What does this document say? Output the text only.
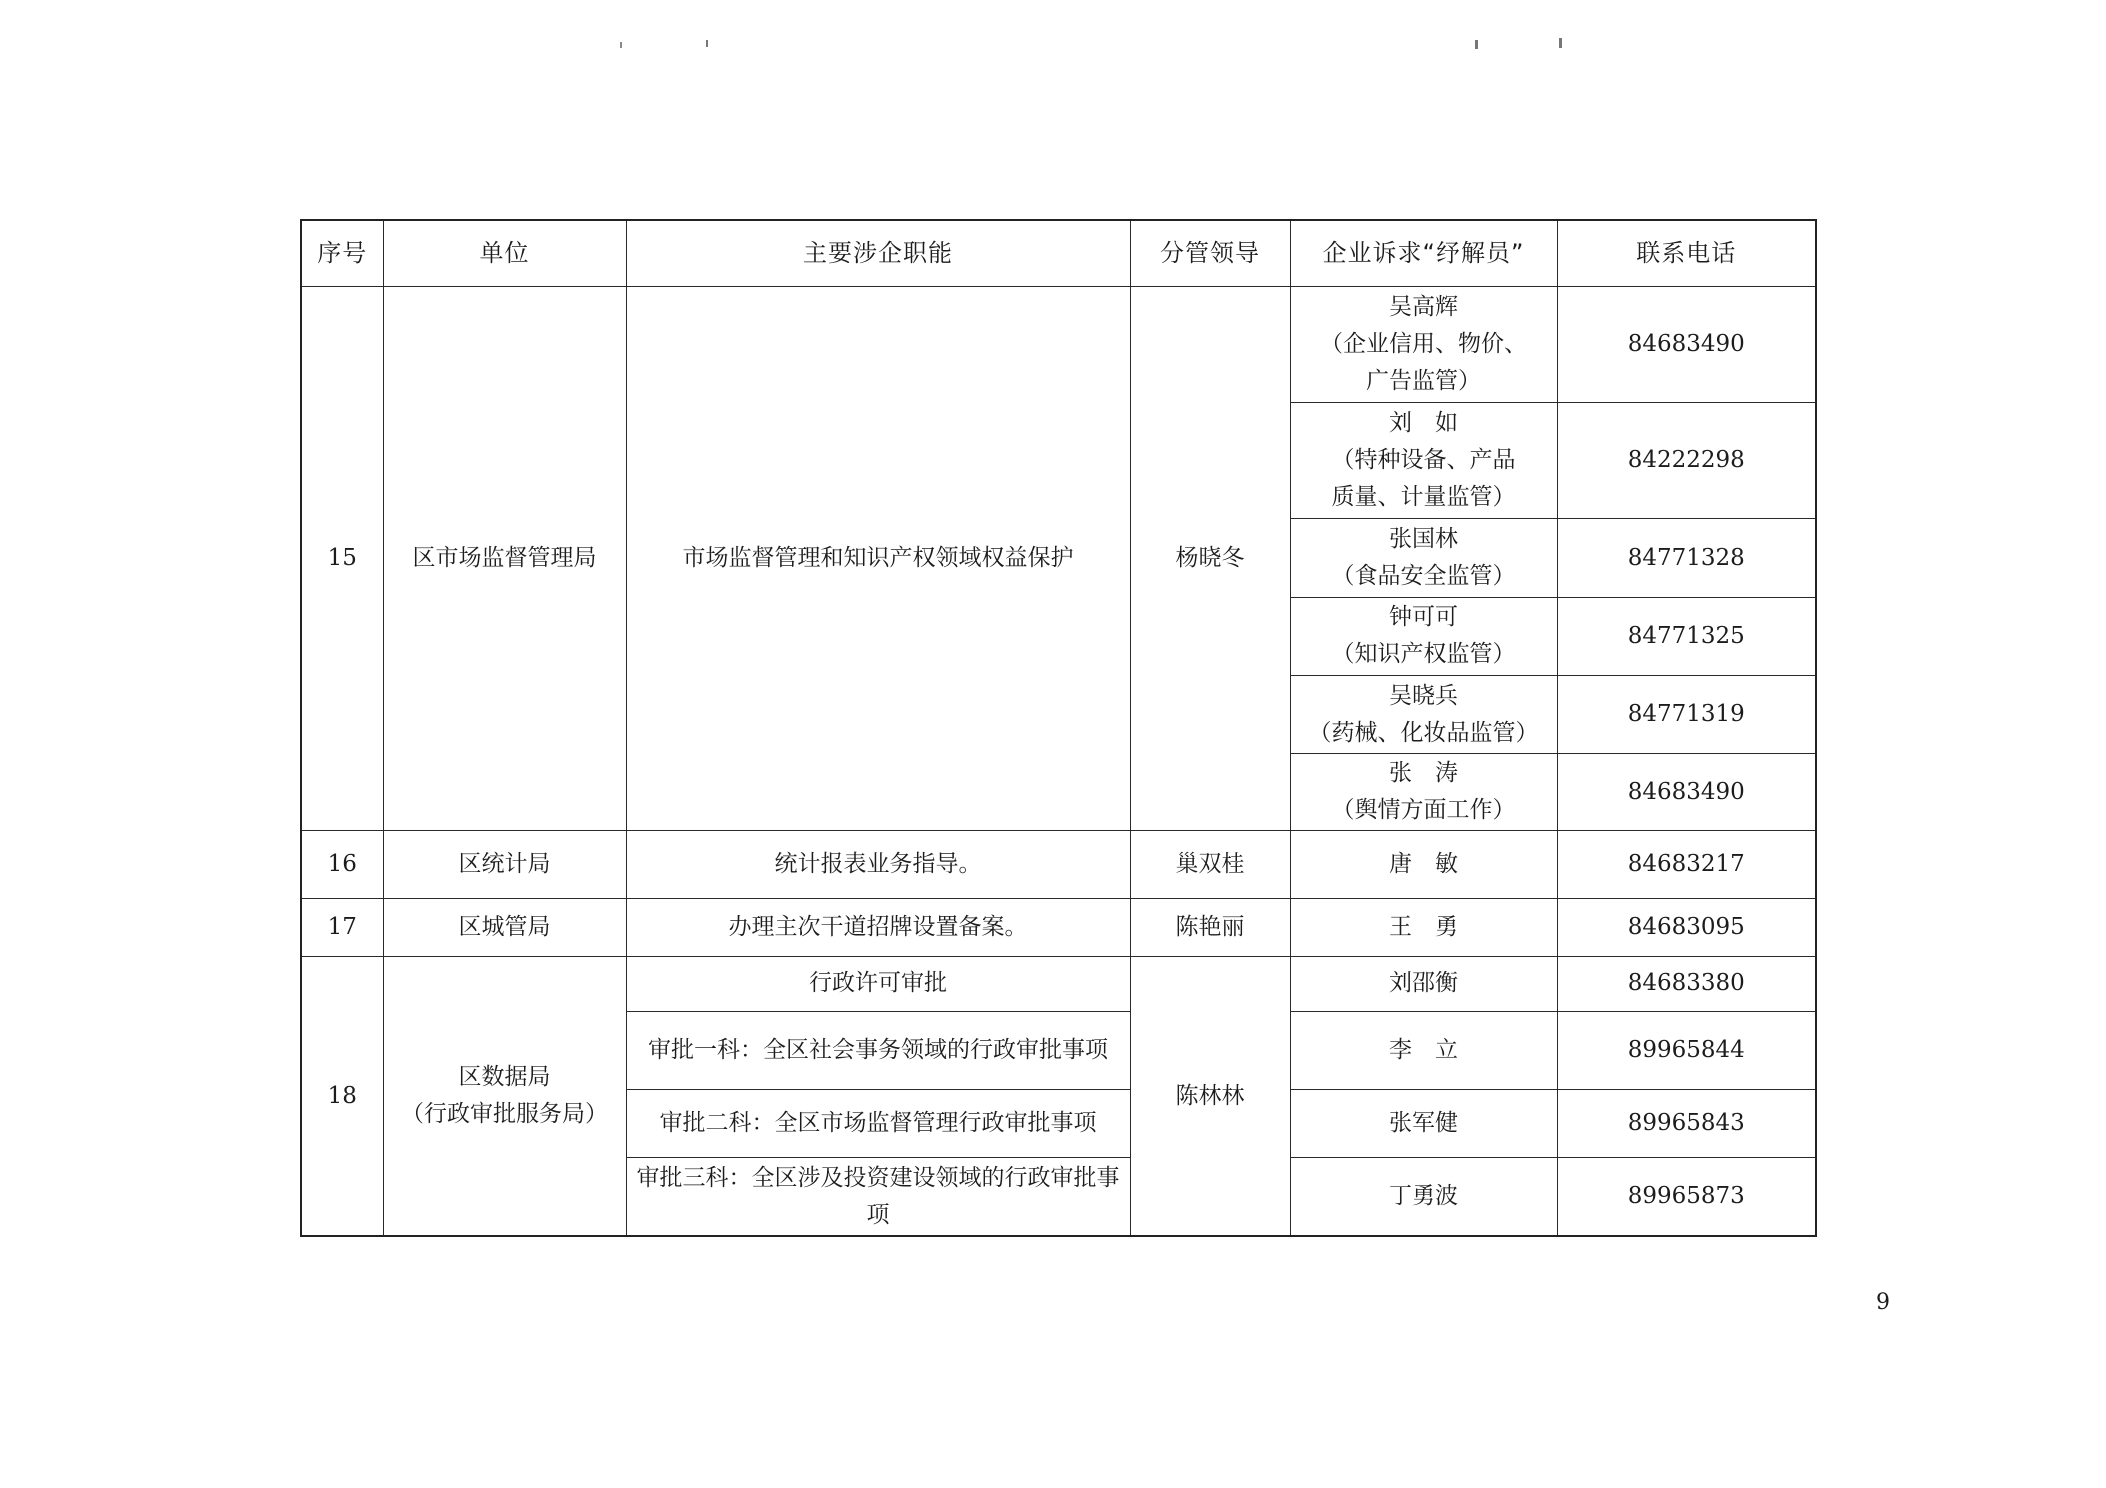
序号	单位	主要涉企职能	分管领导	企业诉求“纾解员”	联系电话
15	区市场监督管理局	市场监督管理和知识产权领域权益保护	杨晓冬	吴高辉
（企业信用、物价、
广告监管）	84683490

				刘　如
（特种设备、产品
质量、计量监管）	84222298

				张国林
（食品安全监管）	84771328

				钟可可
（知识产权监管）	84771325

				吴晓兵
（药械、化妆品监管）	84771319

				张　涛
（舆情方面工作）	84683490
16	区统计局	统计报表业务指导。	巢双桂	唐　敏	84683217
17	区城管局	办理主次干道招牌设置备案。	陈艳丽	王　勇	84683095
18	区数据局
（行政审批服务局）	行政许可审批	陈林林	刘邵衡	84683380
		审批一科：全区社会事务领域的行政审批事项		李　立	89965844
		审批二科：全区市场监督管理行政审批事项		张军健	89965843
		审批三科：全区涉及投资建设领域的行政审批事项		丁勇波	89965873
9
